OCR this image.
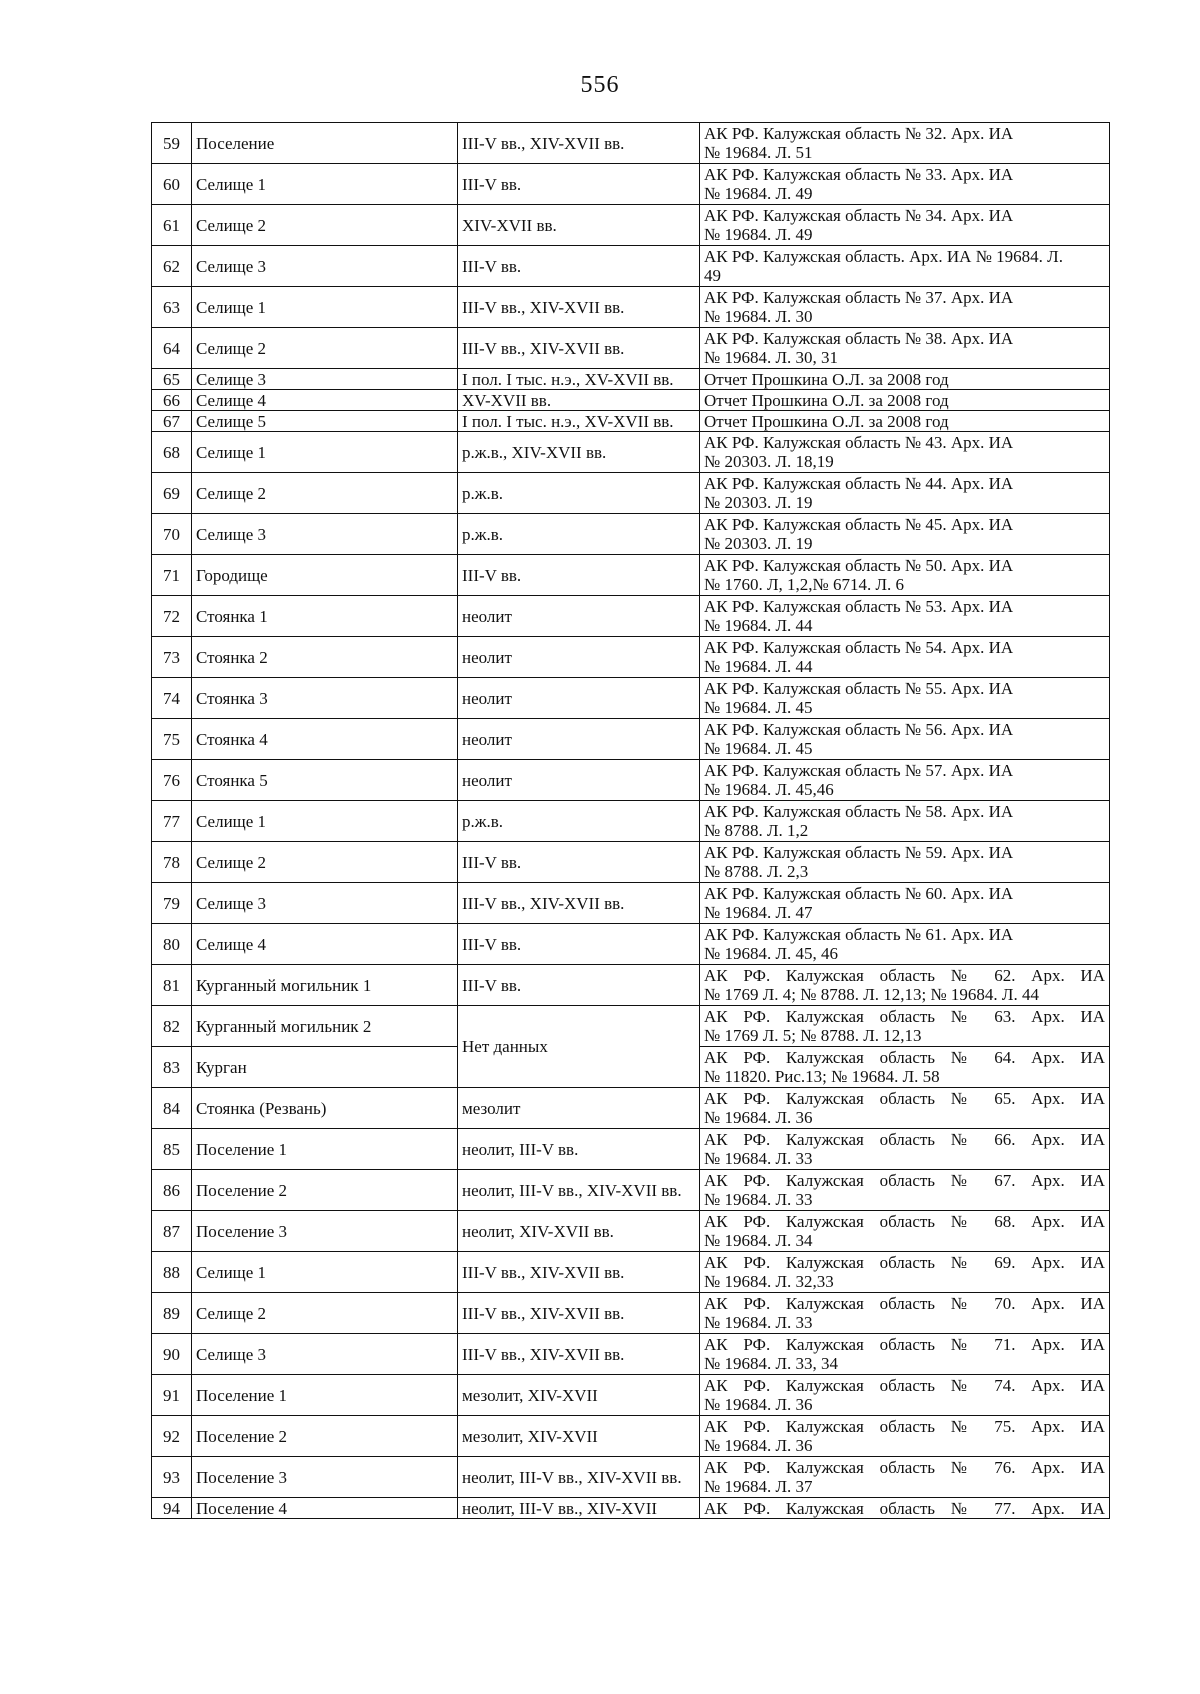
556
59	Поселение	III-V вв., XIV-XVII вв.	АК РФ. Калужская область № 32. Арх. ИА
№ 19684. Л. 51

60	Селище 1	III-V вв.	АК РФ. Калужская область № 33. Арх. ИА
№ 19684. Л. 49

61	Селище 2	XIV-XVII вв.	АК РФ. Калужская область № 34. Арх. ИА
№ 19684. Л. 49

62	Селище 3	III-V вв.	АК РФ. Калужская область. Арх. ИА № 19684. Л.
49

63	Селище 1	III-V вв., XIV-XVII вв.	АК РФ. Калужская область № 37. Арх. ИА
№ 19684. Л. 30

64	Селище 2	III-V вв., XIV-XVII вв.	АК РФ. Калужская область № 38. Арх. ИА
№ 19684. Л. 30, 31

65	Селище 3	I пол. I тыс. н.э., XV-XVII вв.	Отчет Прошкина О.Л. за 2008 год

66	Селище 4	XV-XVII вв.	Отчет Прошкина О.Л. за 2008 год

67	Селище 5	I пол. I тыс. н.э., XV-XVII вв.	Отчет Прошкина О.Л. за 2008 год

68	Селище 1	р.ж.в., XIV-XVII вв.	АК РФ. Калужская область № 43. Арх. ИА
№ 20303. Л. 18,19

69	Селище 2	р.ж.в.	АК РФ. Калужская область № 44. Арх. ИА
№ 20303. Л. 19

70	Селище 3	р.ж.в.	АК РФ. Калужская область № 45. Арх. ИА
№ 20303. Л. 19

71	Городище	III-V вв.	АК РФ. Калужская область № 50. Арх. ИА
№ 1760. Л, 1,2,№ 6714. Л. 6

72	Стоянка 1	неолит	АК РФ. Калужская область № 53. Арх. ИА
№ 19684. Л. 44

73	Стоянка 2	неолит	АК РФ. Калужская область № 54. Арх. ИА
№ 19684. Л. 44

74	Стоянка 3	неолит	АК РФ. Калужская область № 55. Арх. ИА
№ 19684. Л. 45

75	Стоянка 4	неолит	АК РФ. Калужская область № 56. Арх. ИА
№ 19684. Л. 45

76	Стоянка 5	неолит	АК РФ. Калужская область № 57. Арх. ИА
№ 19684. Л. 45,46

77	Селище 1	р.ж.в.	АК РФ. Калужская область № 58. Арх. ИА
№ 8788. Л. 1,2

78	Селище 2	III-V вв.	АК РФ. Калужская область № 59. Арх. ИА
№ 8788. Л. 2,3

79	Селище 3	III-V вв., XIV-XVII вв.	АК РФ. Калужская область № 60. Арх. ИА
№ 19684. Л. 47

80	Селище 4	III-V вв.	АК РФ. Калужская область № 61. Арх. ИА
№ 19684. Л. 45, 46

81	Курганный могильник 1	III-V вв.	АК РФ. Калужская область № 62. Арх. ИА
№ 1769 Л. 4; № 8788. Л. 12,13; № 19684. Л. 44

82	Курганный могильник 2	Нет данных	АК РФ. Калужская область № 63. Арх. ИА
№ 1769 Л. 5; № 8788. Л. 12,13

83	Курган		АК РФ. Калужская область № 64. Арх. ИА
№ 11820. Рис.13; № 19684. Л. 58

84	Стоянка (Резвань)	мезолит	АК РФ. Калужская область № 65. Арх. ИА
№ 19684. Л. 36

85	Поселение 1	неолит, III-V вв.	АК РФ. Калужская область № 66. Арх. ИА
№ 19684. Л. 33

86	Поселение 2	неолит, III-V вв., XIV-XVII вв.	АК РФ. Калужская область № 67. Арх. ИА
№ 19684. Л. 33

87	Поселение 3	неолит, XIV-XVII вв.	АК РФ. Калужская область № 68. Арх. ИА
№ 19684. Л. 34

88	Селище 1	III-V вв., XIV-XVII вв.	АК РФ. Калужская область № 69. Арх. ИА
№ 19684. Л. 32,33

89	Селище 2	III-V вв., XIV-XVII вв.	АК РФ. Калужская область № 70. Арх. ИА
№ 19684. Л. 33

90	Селище 3	III-V вв., XIV-XVII вв.	АК РФ. Калужская область № 71. Арх. ИА
№ 19684. Л. 33, 34

91	Поселение 1	мезолит, XIV-XVII	АК РФ. Калужская область № 74. Арх. ИА
№ 19684. Л. 36

92	Поселение 2	мезолит, XIV-XVII	АК РФ. Калужская область № 75. Арх. ИА
№ 19684. Л. 36

93	Поселение 3	неолит, III-V вв., XIV-XVII вв.	АК РФ. Калужская область № 76. Арх. ИА
№ 19684. Л. 37

94	Поселение 4	неолит, III-V вв., XIV-XVII	АК РФ. Калужская область № 77. Арх. ИА
